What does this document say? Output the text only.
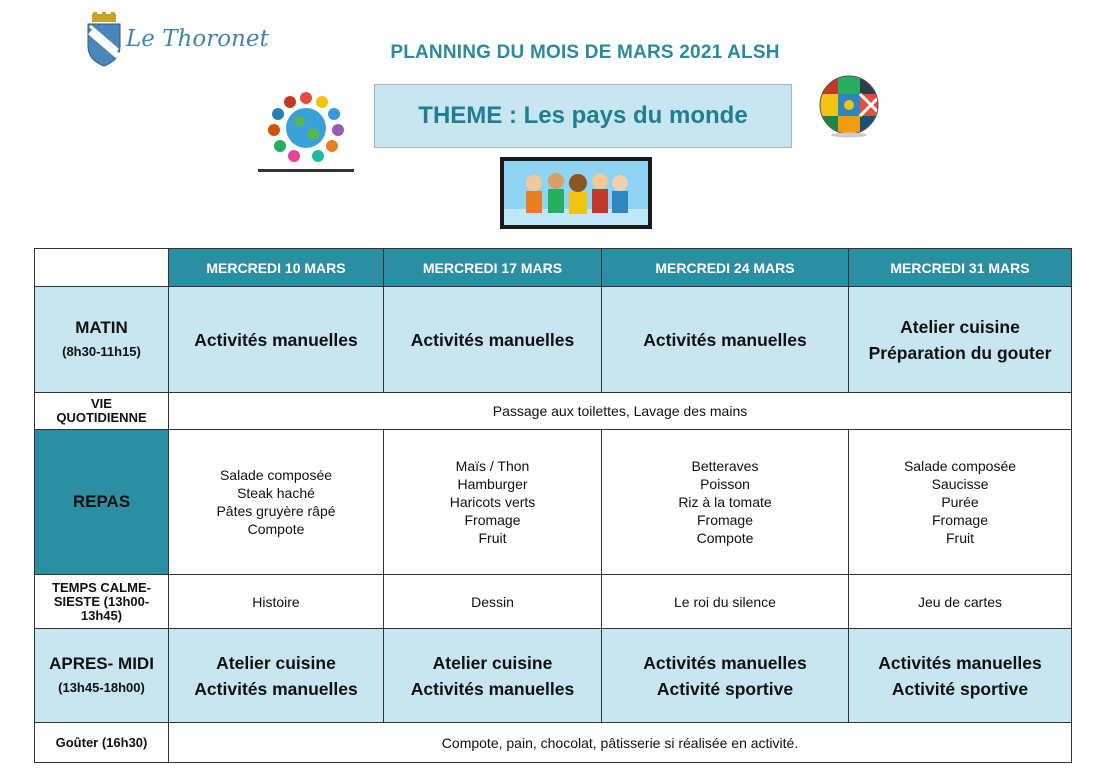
Le Thoronet
PLANNING DU MOIS DE MARS 2021 ALSH
THEME : Les pays du monde
	MERCREDI 10 MARS	MERCREDI 17 MARS	MERCREDI 24 MARS	MERCREDI 31 MARS
MATIN
(8h30-11h15)	Activités manuelles	Activités manuelles	Activités manuelles	Atelier cuisine
Préparation du gouter

VIE
QUOTIDIENNE	Passage aux toilettes, Lavage des mains			
REPAS	Salade composée
Steak haché
Pâtes gruyère râpé
Compote	Maïs / Thon
Hamburger
Haricots verts
Fromage
Fruit	Betteraves
Poisson
Riz à la tomate
Fromage
Compote	Salade composée
Saucisse
Purée
Fromage
Fruit

TEMPS CALME-
SIESTE (13h00-
13h45)	Histoire	Dessin	Le roi du silence	Jeu de cartes
APRES- MIDI
(13h45-18h00)	Atelier cuisine
Activités manuelles	Atelier cuisine
Activités manuelles	Activités manuelles
Activité sportive	Activités manuelles
Activité sportive

Goûter (16h30)	Compote, pain, chocolat, pâtisserie si réalisée en activité.			
